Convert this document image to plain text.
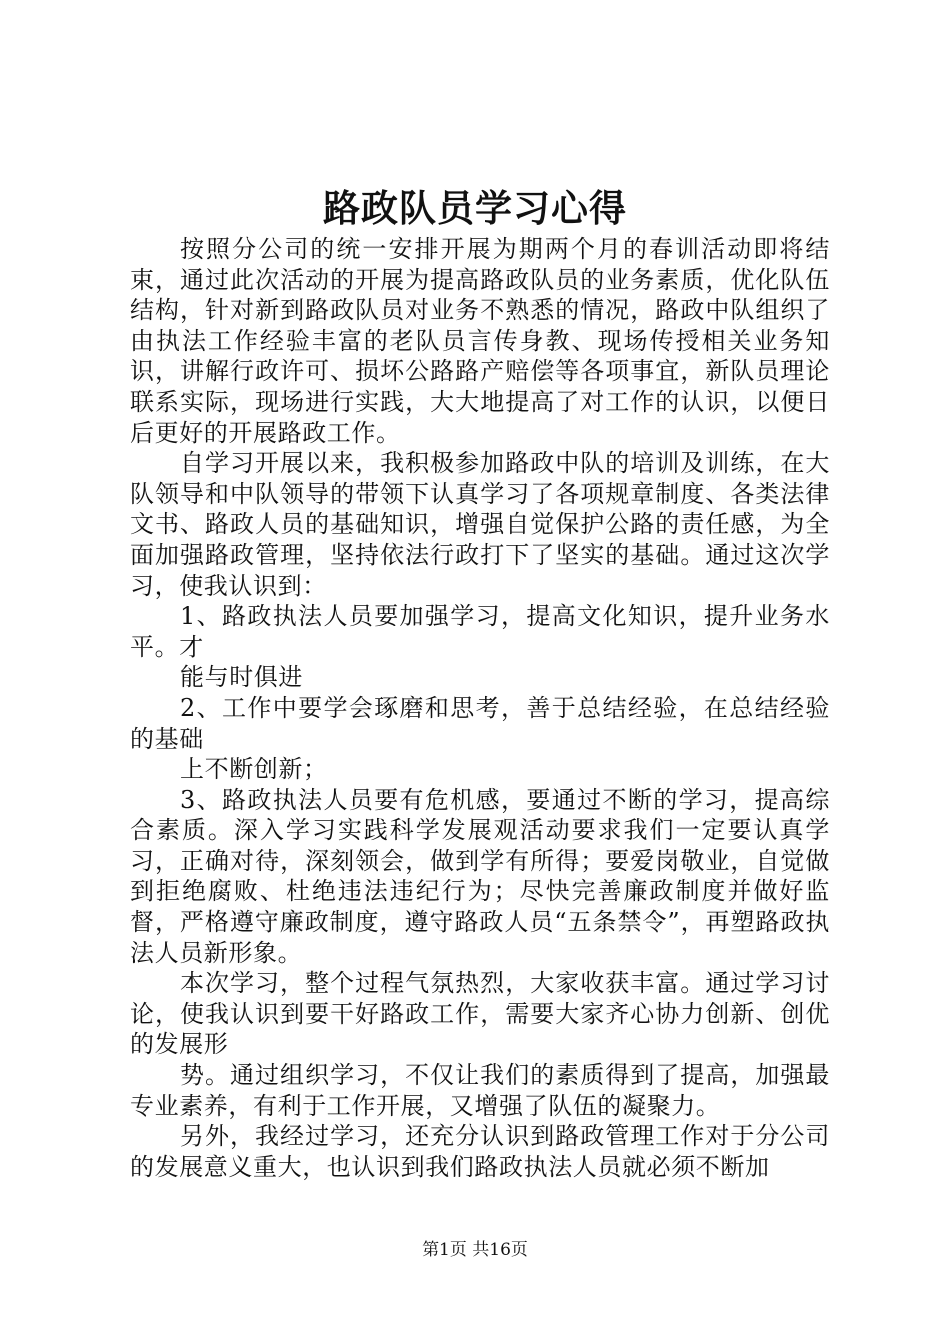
路政队员学习心得

按照分公司的统一安排开展为期两个月的春训活动即将结束，通过此次活动的开展为提高路政队员的业务素质，优化队伍结构，针对新到路政队员对业务不熟悉的情况，路政中队组织了由执法工作经验丰富的老队员言传身教、现场传授相关业务知识，讲解行政许可、损坏公路路产赔偿等各项事宜，新队员理论联系实际，现场进行实践，大大地提高了对工作的认识，以便日后更好的开展路政工作。

自学习开展以来，我积极参加路政中队的培训及训练，在大队领导和中队领导的带领下认真学习了各项规章制度、各类法律文书、路政人员的基础知识，增强自觉保护公路的责任感，为全面加强路政管理，坚持依法行政打下了坚实的基础。通过这次学习，使我认识到：

1、路政执法人员要加强学习，提高文化知识，提升业务水平。才

能与时俱进

2、工作中要学会琢磨和思考，善于总结经验，在总结经验的基础

上不断创新；

3、路政执法人员要有危机感，要通过不断的学习，提高综合素质。深入学习实践科学发展观活动要求我们一定要认真学习，正确对待，深刻领会，做到学有所得；要爱岗敬业，自觉做到拒绝腐败、杜绝违法违纪行为；尽快完善廉政制度并做好监督，严格遵守廉政制度，遵守路政人员“五条禁令”，再塑路政执法人员新形象。

本次学习，整个过程气氛热烈，大家收获丰富。通过学习讨论，使我认识到要干好路政工作，需要大家齐心协力创新、创优的发展形

势。通过组织学习，不仅让我们的素质得到了提高，加强最专业素养，有利于工作开展，又增强了队伍的凝聚力。

另外，我经过学习，还充分认识到路政管理工作对于分公司的发展意义重大，也认识到我们路政执法人员就必须不断加

第1页 共16页
